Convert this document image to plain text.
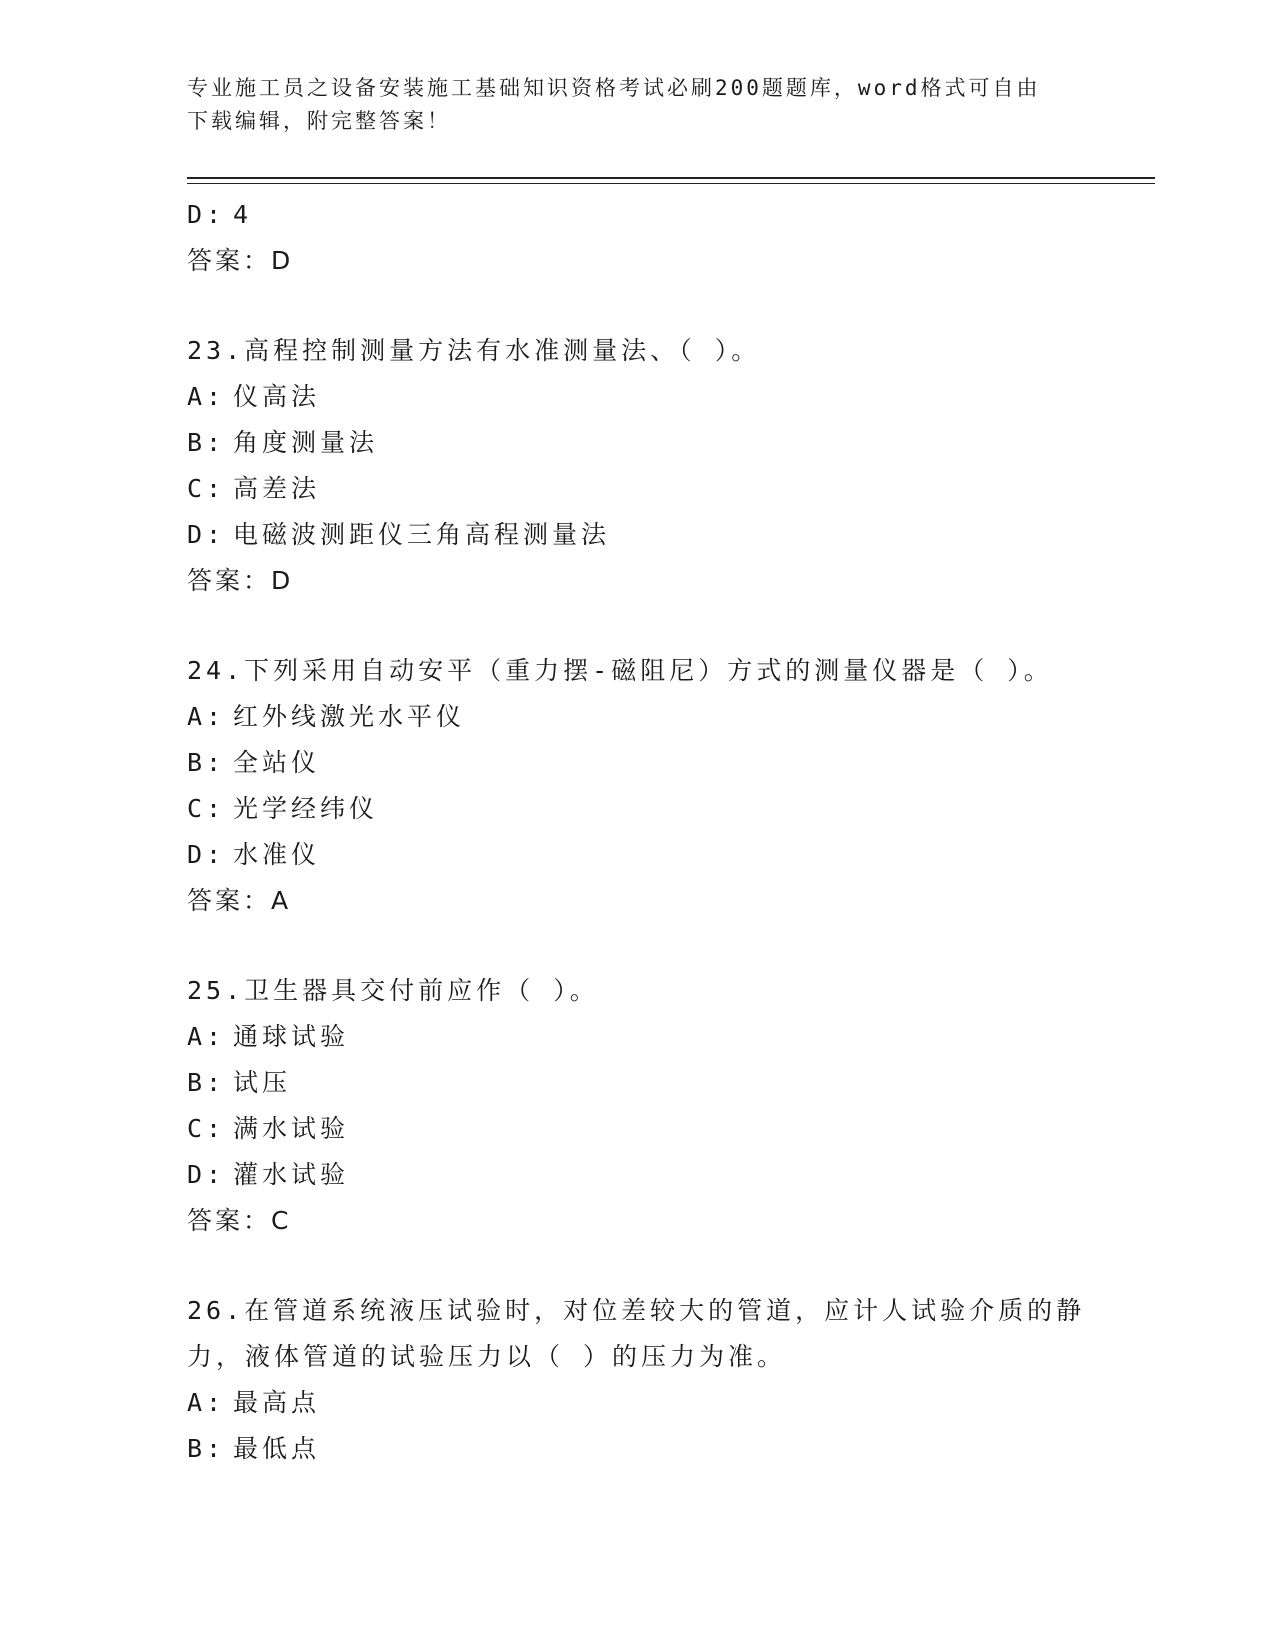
专业施工员之设备安装施工基础知识资格考试必刷200题题库，word格式可自由
下载编辑，附完整答案！
D: 4
答案：D
23.高程控制测量方法有水准测量法、（ ）。
A: 仪高法
B: 角度测量法
C: 高差法
D: 电磁波测距仪三角高程测量法
答案：D
24.下列采用自动安平（重力摆-磁阻尼）方式的测量仪器是（ ）。
A: 红外线激光水平仪
B: 全站仪
C: 光学经纬仪
D: 水准仪
答案：A
25.卫生器具交付前应作（ ）。
A: 通球试验
B: 试压
C: 满水试验
D: 灌水试验
答案：C
26.在管道系统液压试验时，对位差较大的管道，应计人试验介质的静
力，液体管道的试验压力以（ ）的压力为准。
A: 最高点
B: 最低点
